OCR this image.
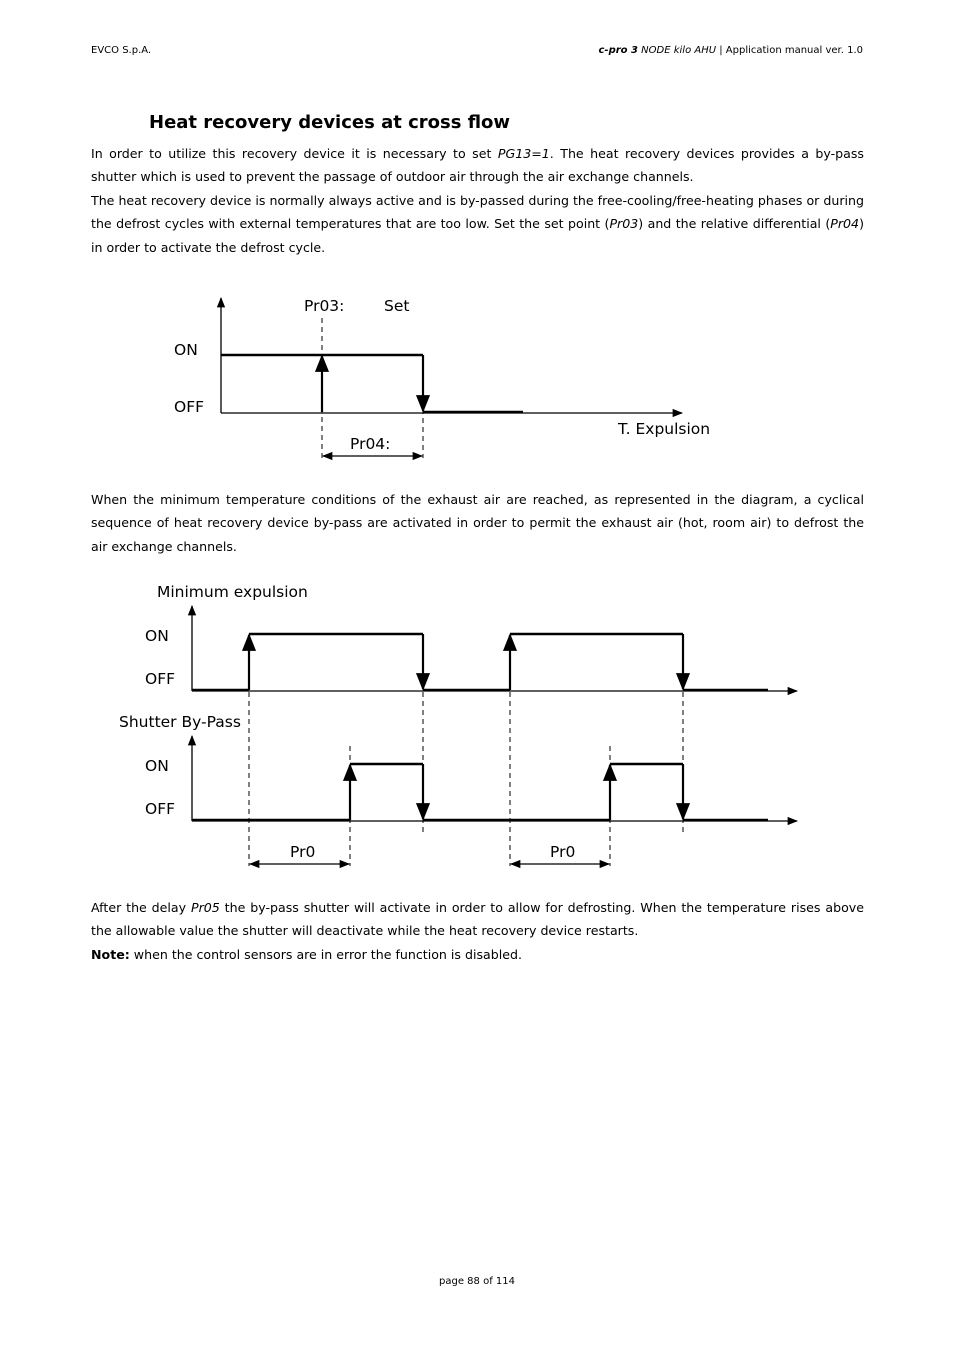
EVCO S.p.A.	c-pro 3 NODE kilo AHU | Application manual ver. 1.0
Heat recovery devices at cross flow

In order to utilize this recovery device it is necessary to set PG13=1. The heat recovery devices provides a by-pass shutter which is used to prevent the passage of outdoor air through the air exchange channels.

The heat recovery device is normally always active and is by-passed during the free-cooling/free-heating phases or during the defrost cycles with external temperatures that are too low. Set the set point (Pr03) and the relative differential (Pr04) in order to activate the defrost cycle.

ON
OFF
Pr03:	Set
Pr04:
T. Expulsion

When the minimum temperature conditions of the exhaust air are reached, as represented in the diagram, a cyclical sequence of heat recovery device by-pass are activated in order to permit the exhaust air (hot, room air) to defrost the air exchange channels.

Minimum expulsion
ON
OFF
Shutter By-Pass
ON
OFF
Pr0	Pr0

After the delay Pr05 the by-pass shutter will activate in order to allow for defrosting. When the temperature rises above the allowable value the shutter will deactivate while the heat recovery device restarts.

Note: when the control sensors are in error the function is disabled.

page 88 of 114
